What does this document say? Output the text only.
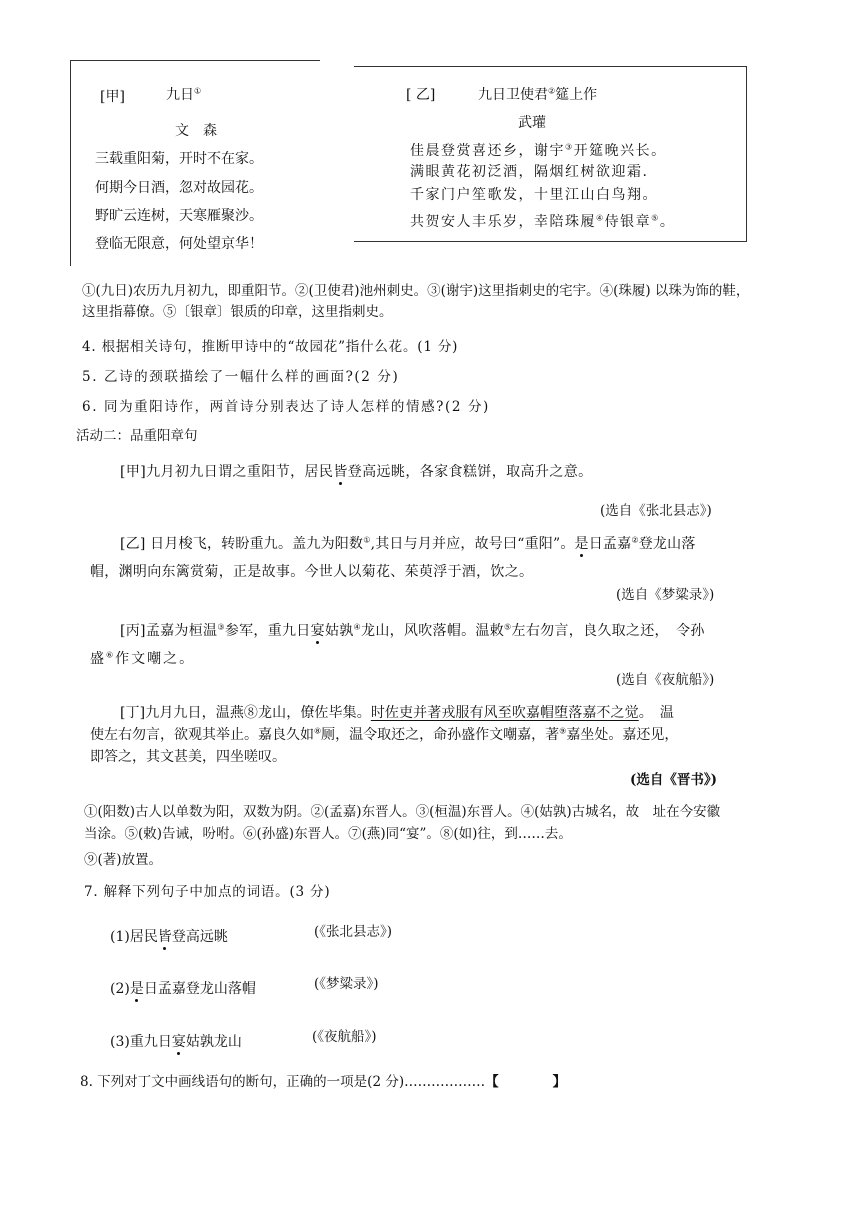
[甲]	九日①
文　森
三载重阳菊，开时不在家。
何期今日酒，忽对故园花。
野旷云连树，天寒雁聚沙。
登临无限意，何处望京华！
[ 乙]	九日卫使君②筵上作
武瓘
佳晨登赏喜还乡，谢宇③开筵晚兴长。
满眼黄花初泛酒，隔烟红树欲迎霜.
千家门户笙歌发，十里江山白鸟翔。
共贺安人丰乐岁，幸陪珠履④侍银章⑤。
①(九日)农历九月初九，即重阳节。②(卫使君)池州刺史。③(谢宇)这里指刺史的宅宇。④(珠履) 以珠为饰的鞋，
这里指幕僚。⑤〔银章〕银质的印章，这里指刺史。
4. 根据相关诗句，推断甲诗中的“故园花”指什么花。(1 分)
5. 乙诗的颈联描绘了一幅什么样的画面?(2 分)
6. 同为重阳诗作，两首诗分别表达了诗人怎样的情感?(2 分)
活动二：品重阳章句
[甲]九月初九日谓之重阳节，居民皆登高远眺，各家食糕饼，取高升之意。
(选自《张北县志》)
[乙] 日月梭飞，转盼重九。盖九为阳数①,其日与月并应，故号曰“重阳”。是日孟嘉②登龙山落
帽，渊明向东篱赏菊，正是故事。今世人以菊花、茱萸浮于酒，饮之。
(选自《梦粱录》)
[丙]孟嘉为桓温③参军，重九日宴姑孰④龙山，风吹落帽。温敕⑤左右勿言，良久取之还，　令孙
盛⑥作文嘲之。
(选自《夜航船》)
[丁]九月九日，温燕⑧龙山，僚佐毕集。时佐吏并著戎服有风至吹嘉帽堕落嘉不之觉。　温
使左右勿言，欲观其举止。嘉良久如⑧厕，温令取还之，命孙盛作文嘲嘉，著⑨嘉坐处。嘉还见，
即答之，其文甚美，四坐嗟叹。
(选自《晋书》)
①(阳数)古人以单数为阳，双数为阴。②(孟嘉)东晋人。③(桓温)东晋人。④(姑孰)古城名，故　址在今安徽
当涂。⑤(敕)告诫，吩咐。⑥(孙盛)东晋人。⑦(燕)同“宴”。⑧(如)往，到……去。
⑨(著)放置。
7. 解释下列句子中加点的词语。(3 分)
(1)居民皆登高远眺	(《张北县志》)
(2)是日孟嘉登龙山落帽	(《梦粱录》)
(3)重九日宴姑孰龙山	(《夜航船》)
8. 下列对丁文中画线语句的断句，正确的一项是(2 分)………………【　　　　】
